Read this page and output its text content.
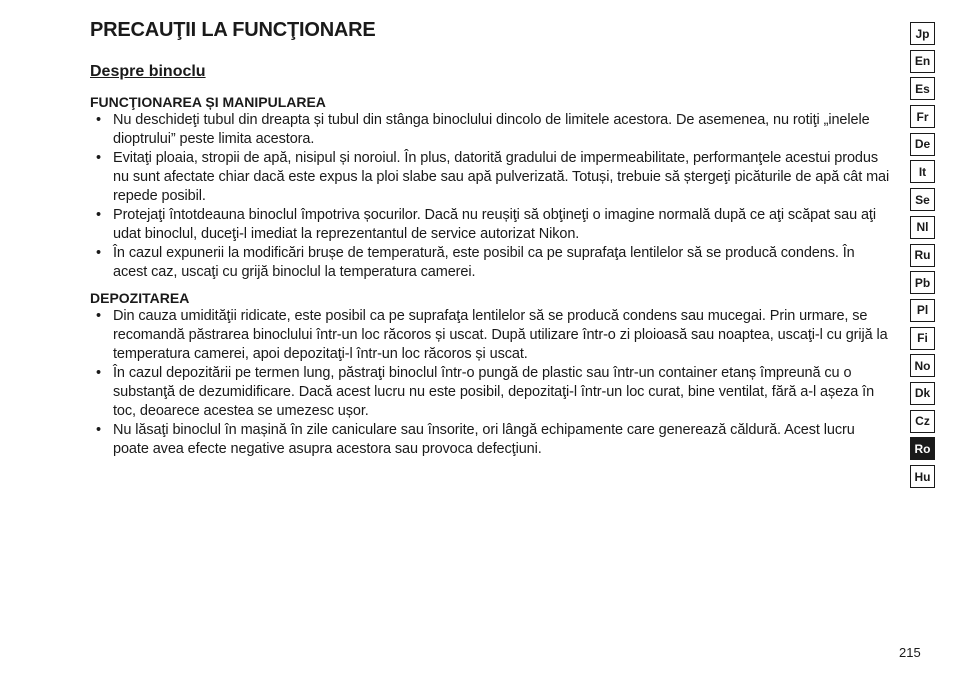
PRECAUŢII LA FUNCŢIONARE
Despre binoclu
FUNCŢIONAREA ȘI MANIPULAREA
• Nu deschideţi tubul din dreapta și tubul din stânga binoclului dincolo de limitele acestora. De asemenea, nu rotiţi „inelele dioptrului” peste limita acestora.
• Evitaţi ploaia, stropii de apă, nisipul și noroiul. În plus, datorită gradului de impermeabilitate, performanţele acestui produs nu sunt afectate chiar dacă este expus la ploi slabe sau apă pulverizată. Totuși, trebuie să ștergeţi picăturile de apă cât mai repede posibil.
• Protejaţi întotdeauna binoclul împotriva șocurilor. Dacă nu reușiţi să obţineţi o imagine normală după ce aţi scăpat sau aţi udat binoclul, duceţi-l imediat la reprezentantul de service autorizat Nikon.
• În cazul expunerii la modificări brușe de temperatură, este posibil ca pe suprafaţa lentilelor să se producă condens. În acest caz, uscaţi cu grijă binoclul la temperatura camerei.
DEPOZITAREA
• Din cauza umidităţii ridicate, este posibil ca pe suprafaţa lentilelor să se producă condens sau mucegai. Prin urmare, se recomandă păstrarea binoclului într-un loc răcoros și uscat. După utilizare într-o zi ploioasă sau noaptea, uscaţi-l cu grijă la temperatura camerei, apoi depozitaţi-l într-un loc răcoros și uscat.
• În cazul depozitării pe termen lung, păstraţi binoclul într-o pungă de plastic sau într-un container etanș împreună cu o substanţă de dezumidificare. Dacă acest lucru nu este posibil, depozitaţi-l într-un loc curat, bine ventilat, fără a-l așeza în toc, deoarece acestea se umezesc ușor.
• Nu lăsaţi binoclul în mașină în zile caniculare sau însorite, ori lângă echipamente care generează căldură. Acest lucru poate avea efecte negative asupra acestora sau provoca defecţiuni.
Jp
En
Es
Fr
De
It
Se
Nl
Ru
Pb
Pl
Fi
No
Dk
Cz
Ro
Hu
215
